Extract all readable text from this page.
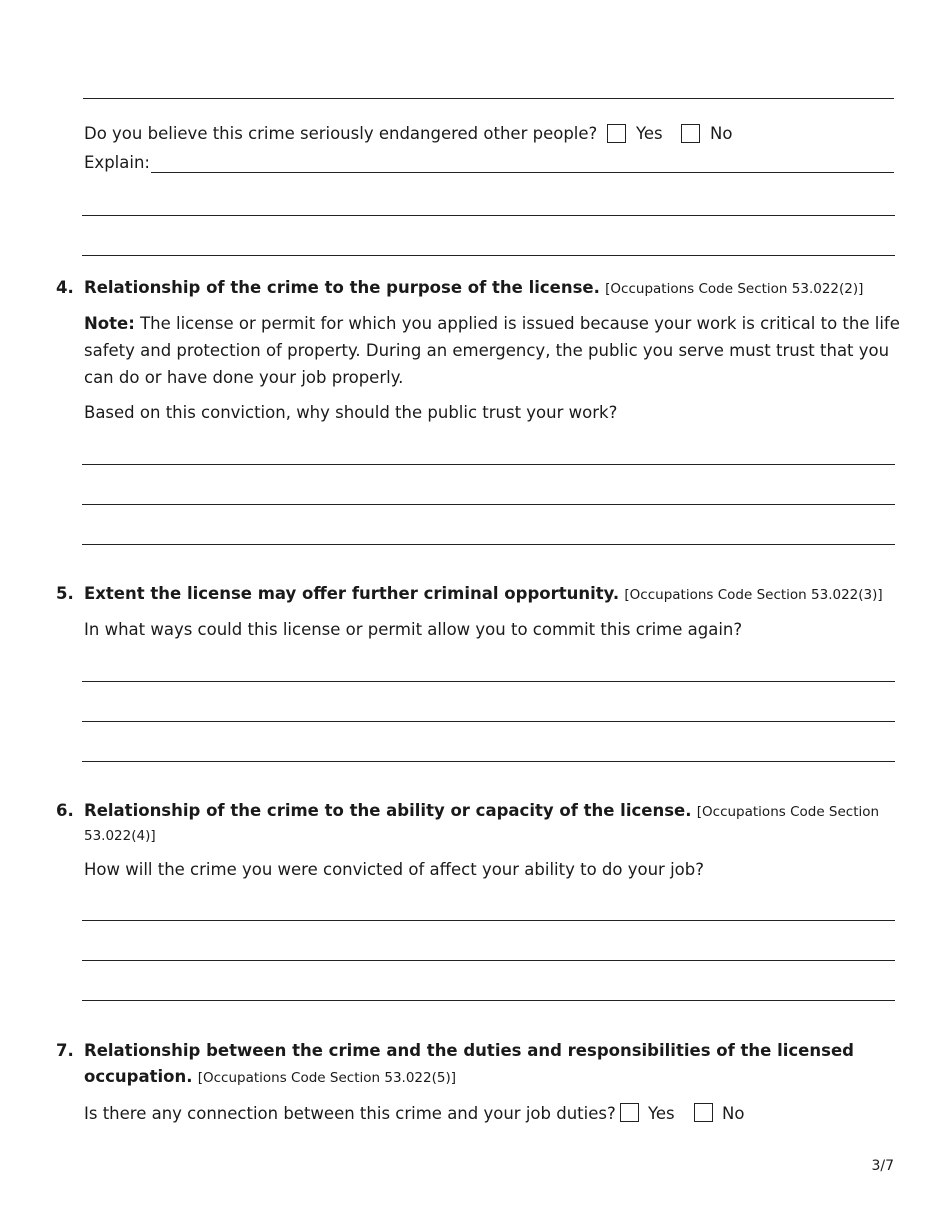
Do you believe this crime seriously endangered other people? Yes	No
Explain:
4. Relationship of the crime to the purpose of the license. [Occupations Code Section 53.022(2)]
Note: The license or permit for which you applied is issued because your work is critical to the life
safety and protection of property. During an emergency, the public you serve must trust that you
can do or have done your job properly.
Based on this conviction, why should the public trust your work?
5. Extent the license may offer further criminal opportunity. [Occupations Code Section 53.022(3)]
In what ways could this license or permit allow you to commit this crime again?
6. Relationship of the crime to the ability or capacity of the license. [Occupations Code Section
53.022(4)]
How will the crime you were convicted of affect your ability to do your job?
7. Relationship between the crime and the duties and responsibilities of the licensed
occupation. [Occupations Code Section 53.022(5)]
Is there any connection between this crime and your job duties? Yes	No
3/7
